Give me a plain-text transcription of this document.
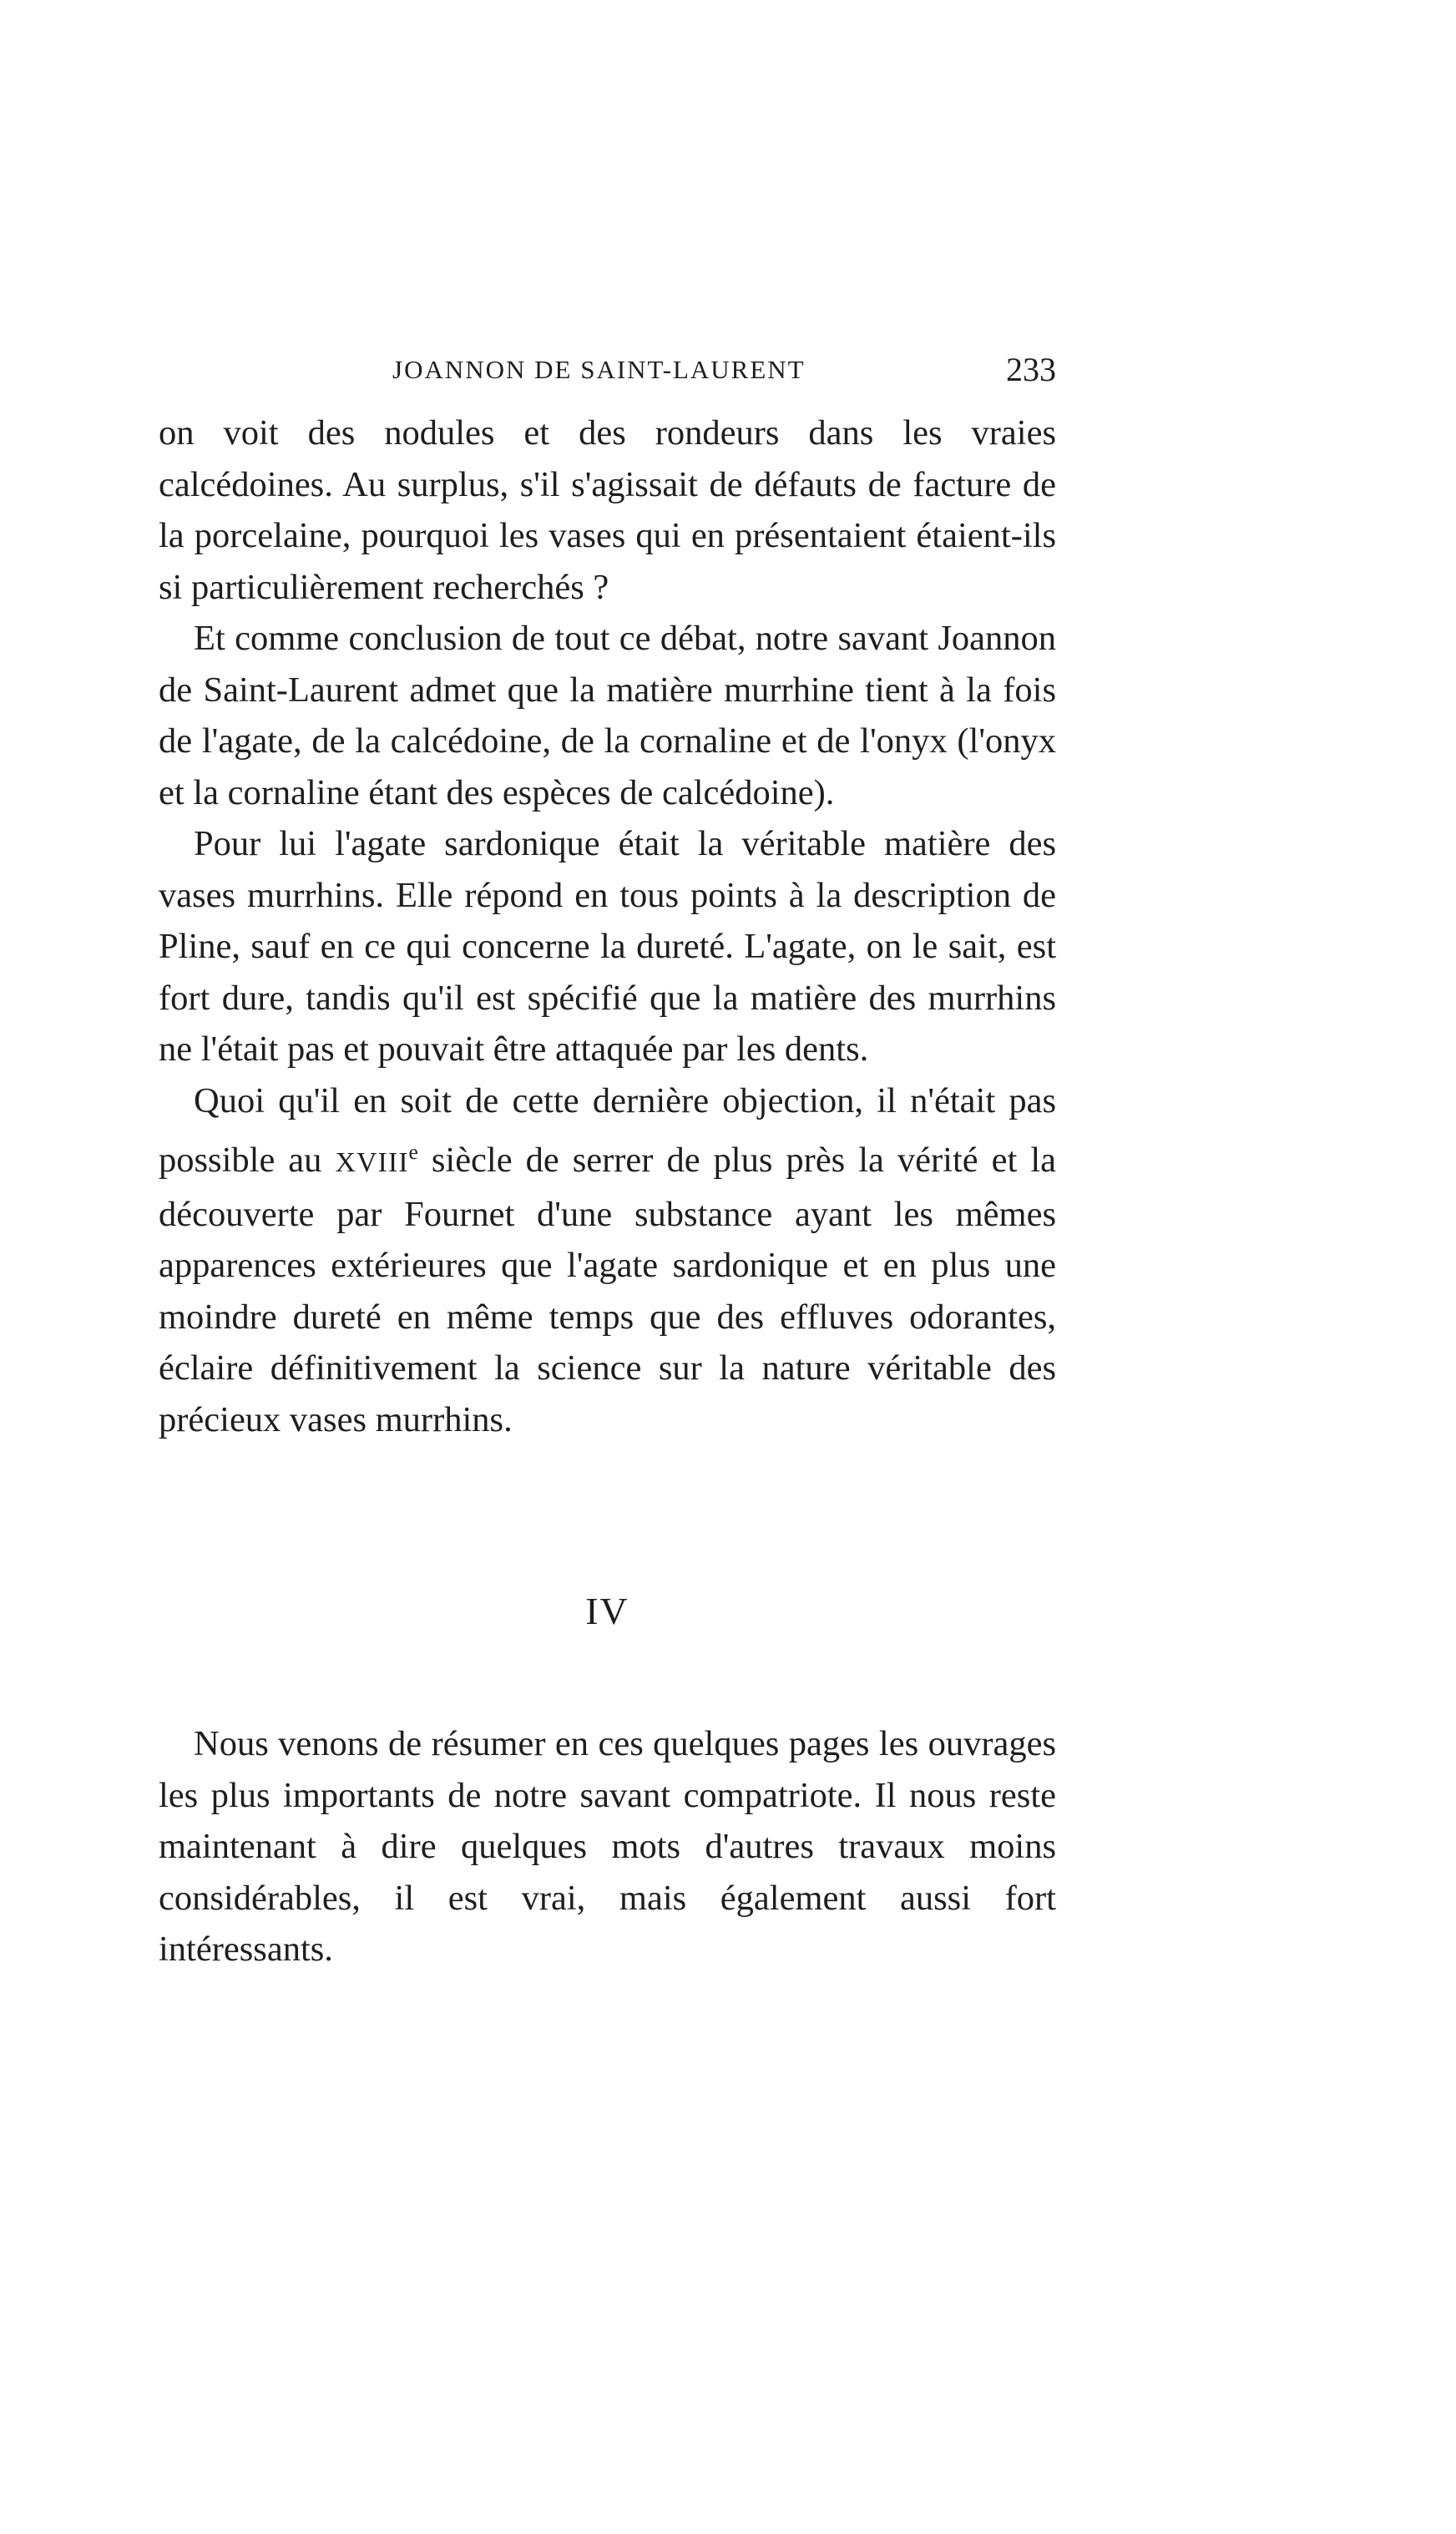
JOANNON DE SAINT-LAURENT	233

on voit des nodules et des rondeurs dans les vraies calcédoines. Au surplus, s'il s'agissait de défauts de facture de la porcelaine, pourquoi les vases qui en présentaient étaient-ils si particulièrement recherchés ?

Et comme conclusion de tout ce débat, notre savant Joannon de Saint-Laurent admet que la matière murrhine tient à la fois de l'agate, de la calcédoine, de la cornaline et de l'onyx (l'onyx et la cornaline étant des espèces de calcédoine).

Pour lui l'agate sardonique était la véritable matière des vases murrhins. Elle répond en tous points à la description de Pline, sauf en ce qui concerne la dureté. L'agate, on le sait, est fort dure, tandis qu'il est spécifié que la matière des murrhins ne l'était pas et pouvait être attaquée par les dents.

Quoi qu'il en soit de cette dernière objection, il n'était pas possible au XVIIIe siècle de serrer de plus près la vérité et la découverte par Fournet d'une substance ayant les mêmes apparences extérieures que l'agate sardonique et en plus une moindre dureté en même temps que des effluves odorantes, éclaire définitivement la science sur la nature véritable des précieux vases murrhins.

IV

Nous venons de résumer en ces quelques pages les ouvrages les plus importants de notre savant compatriote. Il nous reste maintenant à dire quelques mots d'autres travaux moins considérables, il est vrai, mais également aussi fort intéressants.
